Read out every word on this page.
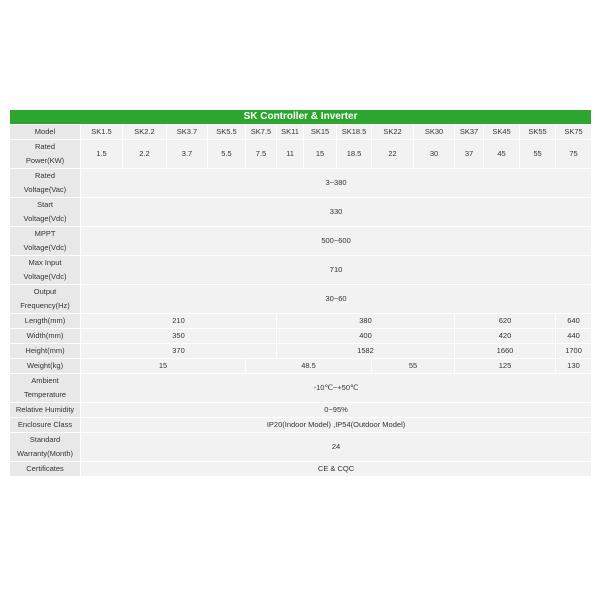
SK Controller & Inverter														
Model	SK1.5	SK2.2	SK3.7	SK5.5	SK7.5	SK11	SK15	SK18.5	SK22	SK30	SK37	SK45	SK55	SK75
Rated
Power(KW)	1.5	2.2	3.7	5.5	7.5	11	15	18.5	22	30	37	45	55	75
Rated
Voltage(Vac)	3~380													
Start
Voltage(Vdc)	330													
MPPT
Voltage(Vdc)	500~600													
Max Input
Voltage(Vdc)	710													
Output
Frequency(Hz)	30~60													
Length(mm)	210					380					620			640
Width(mm)	350					400					420			440
Height(mm)	370					1582					1660			1700
Weight(kg)	15				48.5				55		125			130
Ambient
Temperature	-10℃~+50℃													
Relative Humidity	0~95%													
Enclosure Class	IP20(Indoor Model) ,IP54(Outdoor Model)													
Standard
Warranty(Month)	24													
Certificates	CE & CQC													
